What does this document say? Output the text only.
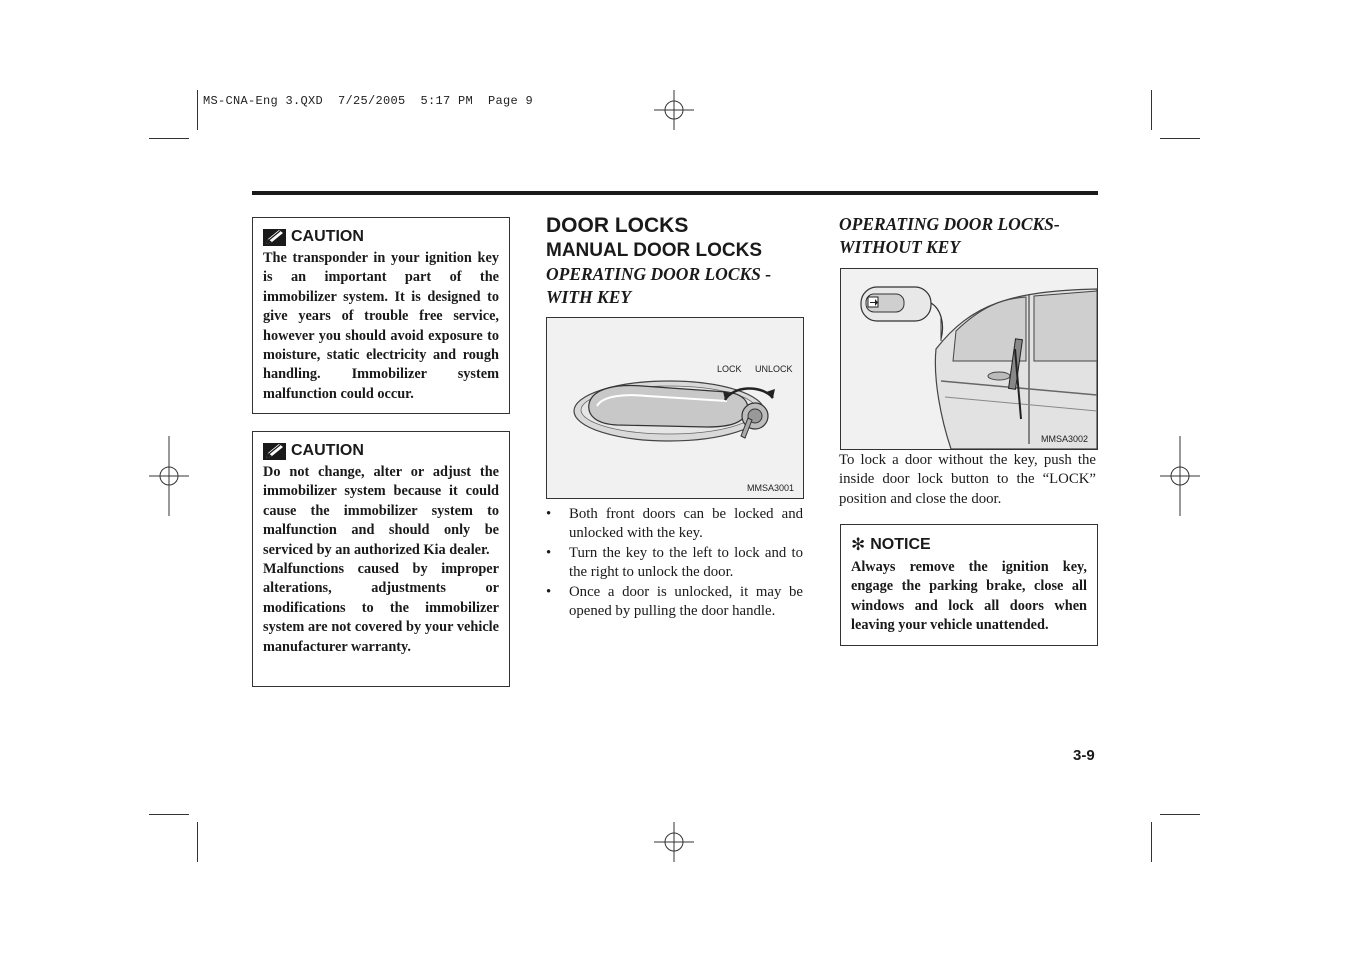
MS-CNA-Eng 3.QXD  7/25/2005  5:17 PM  Page 9
CAUTION

The transponder in your ignition key is an important part of the immobilizer system. It is designed to give years of trouble free service, however you should avoid exposure to moisture, static electricity and rough handling. Immobilizer system malfunction could occur.

CAUTION

Do not change, alter or adjust the immobilizer system because it could cause the immobilizer system to malfunction and should only be serviced by an authorized Kia dealer.

Malfunctions caused by improper alterations, adjustments or modifications to the immobilizer system are not covered by your vehicle manufacturer warranty.

DOOR LOCKS
MANUAL DOOR LOCKS
OPERATING DOOR LOCKS -
WITH KEY
LOCK UNLOCK
MMSA3001
• Both front doors can be locked and unlocked with the key.
• Turn the key to the left to lock and to the right to unlock the door.
• Once a door is unlocked, it may be opened by pulling the door handle.
OPERATING DOOR LOCKS-
WITHOUT KEY
MMSA3002
To lock a door without the key, push the inside door lock button to the “LOCK” position and close the door.
✻ NOTICE

Always remove the ignition key, engage the parking brake, close all windows and lock all doors when leaving your vehicle unattended.

3-9
